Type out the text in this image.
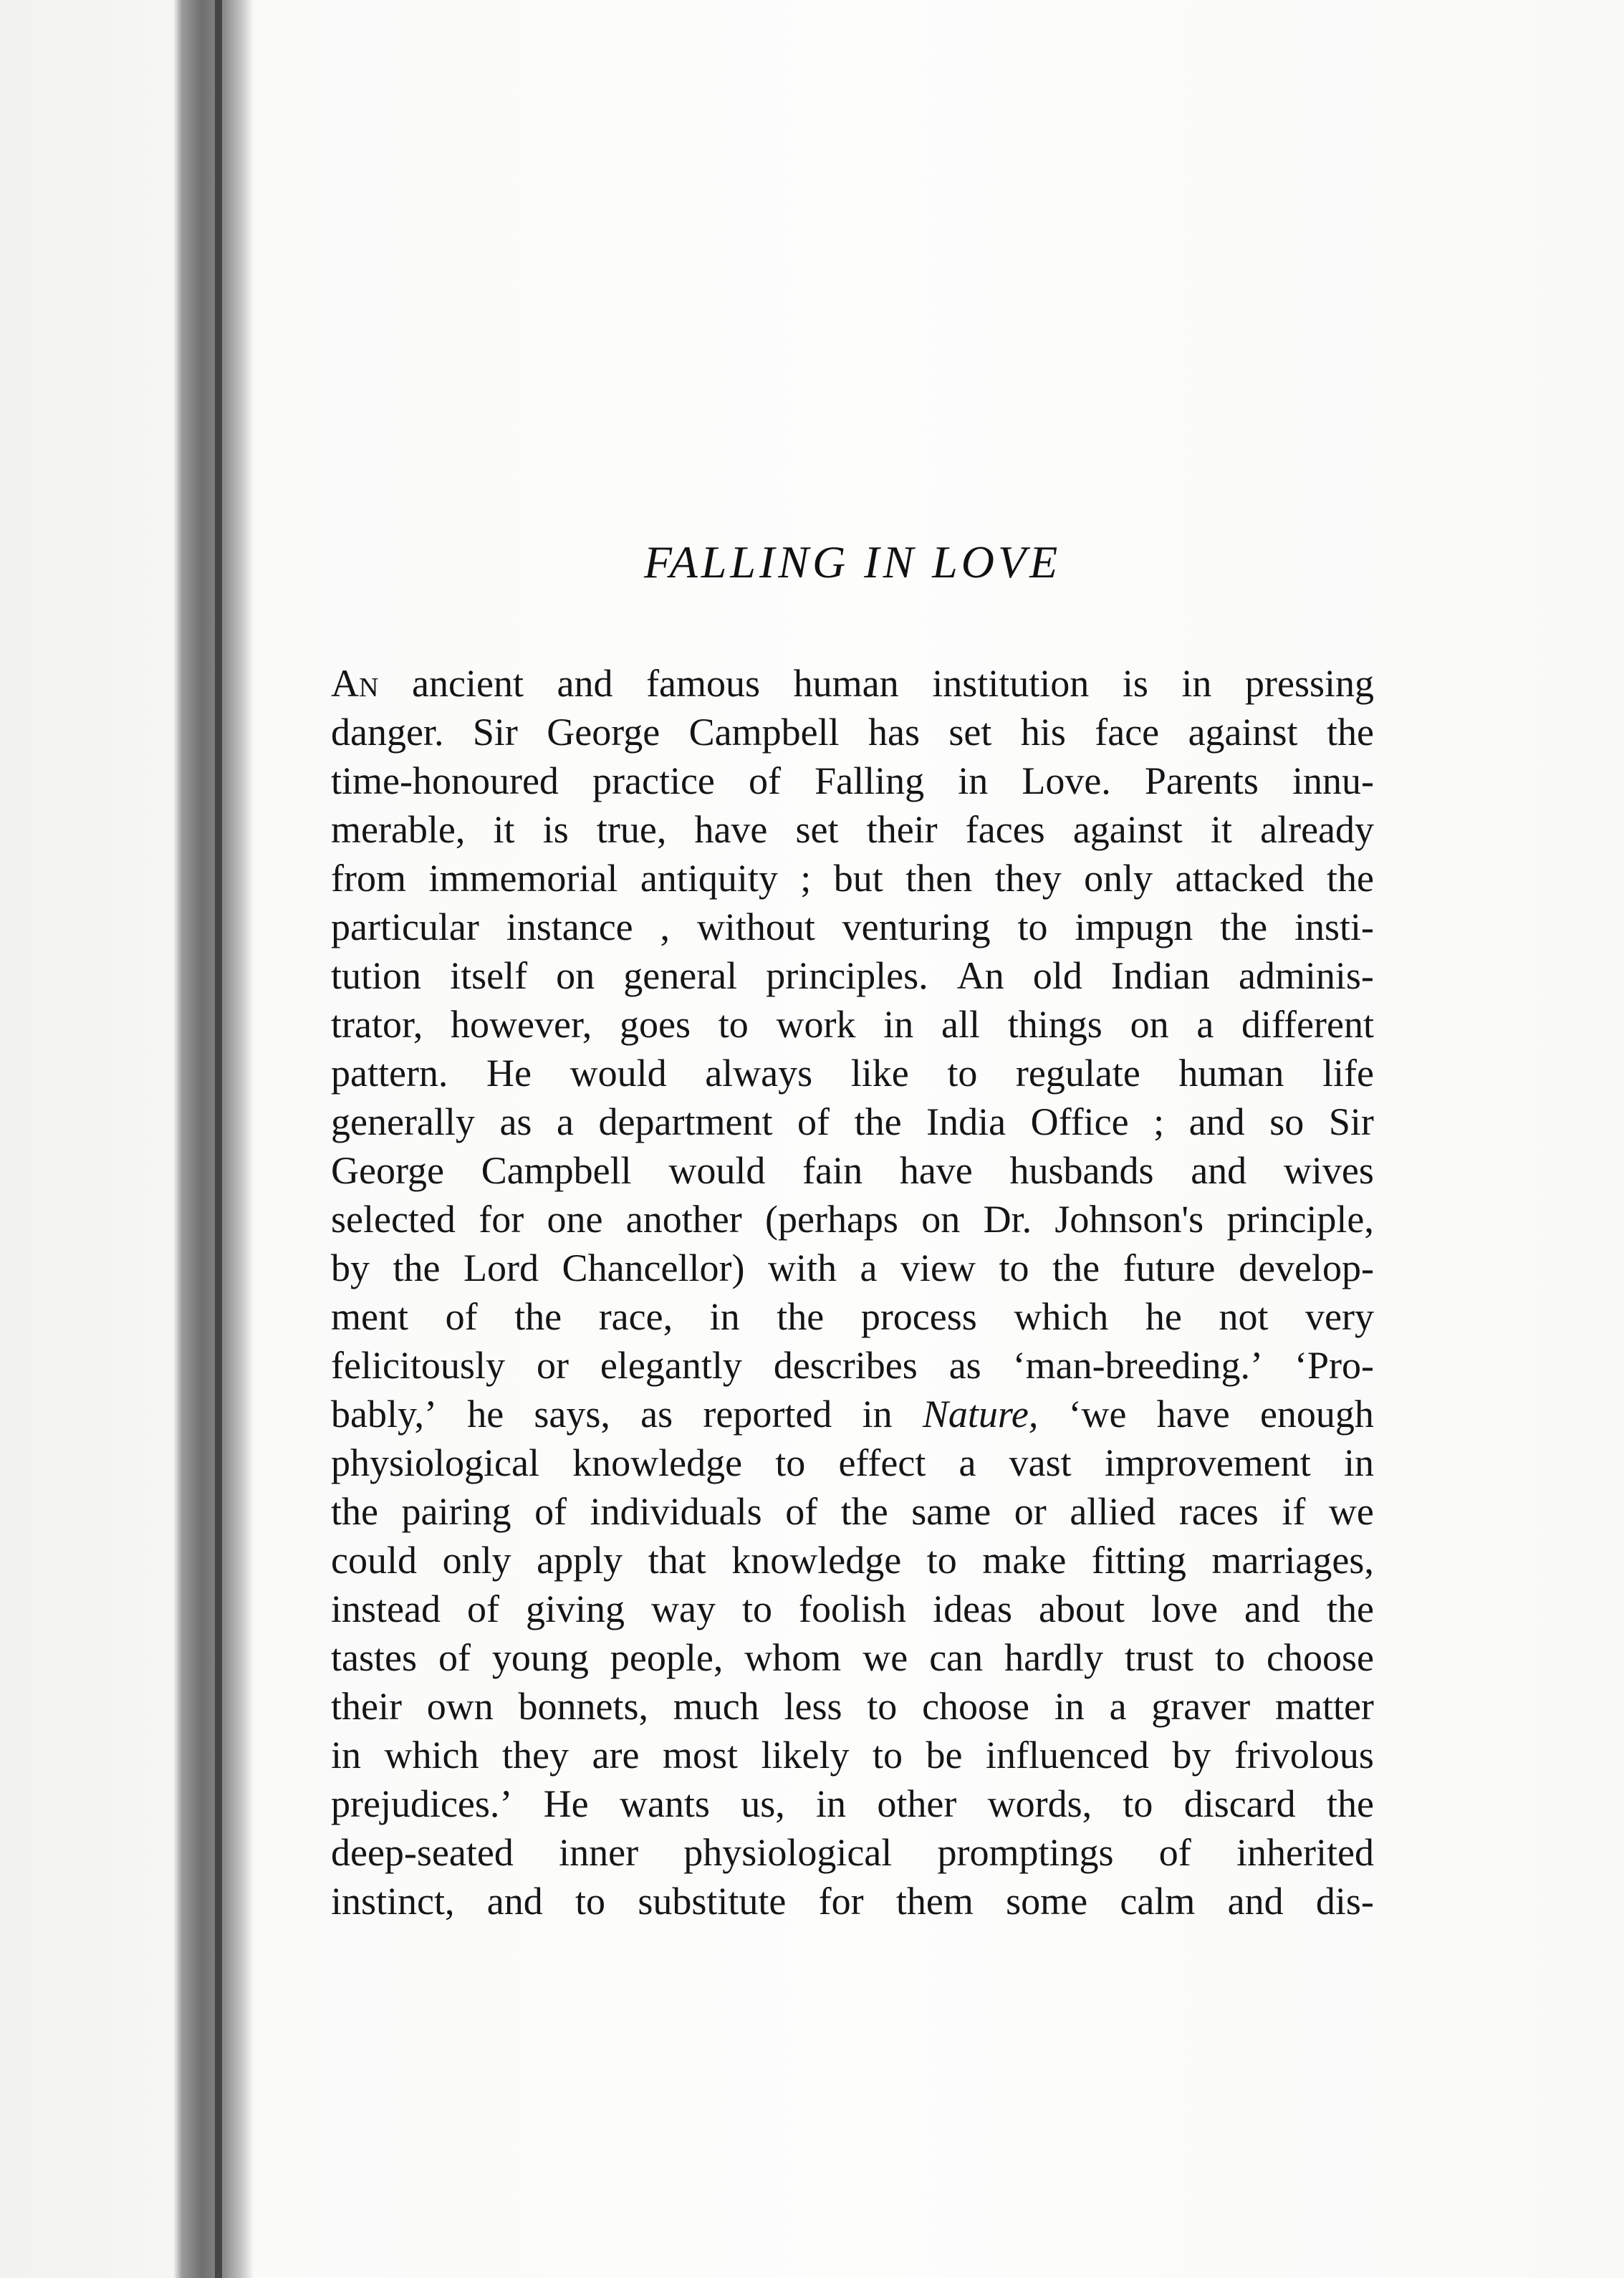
FALLING IN LOVE
An ancient and famous human institution is in pressing
danger. Sir George Campbell has set his face against the
time-honoured practice of Falling in Love. Parents innu-
merable, it is true, have set their faces against it already
from immemorial antiquity ; but then they only attacked the
particular instance , without venturing to impugn the insti-
tution itself on general principles. An old Indian adminis-
trator, however, goes to work in all things on a different
pattern. He would always like to regulate human life
generally as a department of the India Office ; and so Sir
George Campbell would fain have husbands and wives
selected for one another (perhaps on Dr. Johnson's principle,
by the Lord Chancellor) with a view to the future develop-
ment of the race, in the process which he not very
felicitously or elegantly describes as ‘man-breeding.’ ‘Pro-
bably,’ he says, as reported in Nature, ‘we have enough
physiological knowledge to effect a vast improvement in
the pairing of individuals of the same or allied races if we
could only apply that knowledge to make fitting marriages,
instead of giving way to foolish ideas about love and the
tastes of young people, whom we can hardly trust to choose
their own bonnets, much less to choose in a graver matter
in which they are most likely to be influenced by frivolous
prejudices.’ He wants us, in other words, to discard the
deep-seated inner physiological promptings of inherited
instinct, and to substitute for them some calm and dis-
